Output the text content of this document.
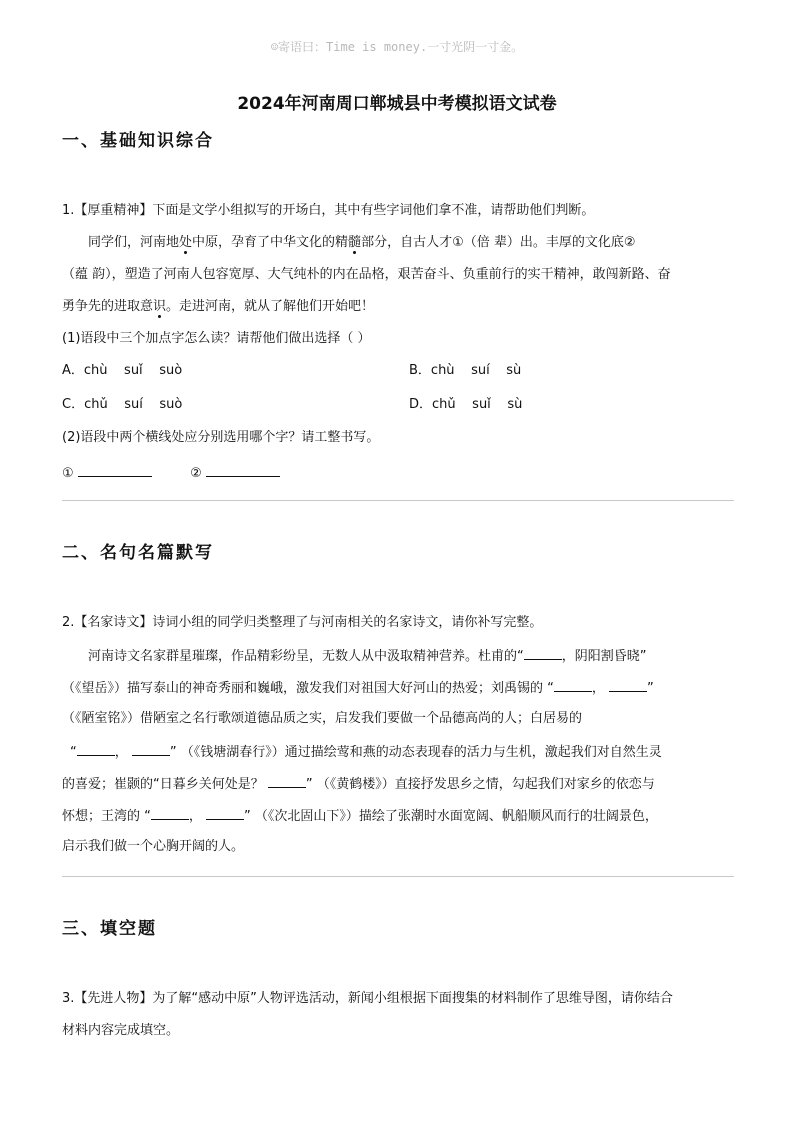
☺寄语曰：Time is money.一寸光阴一寸金。
2024年河南周口郸城县中考模拟语文试卷
一、基础知识综合
1.【厚重精神】下面是文学小组拟写的开场白，其中有些字词他们拿不准，请帮助他们判断。
同学们，河南地处中原，孕育了中华文化的精髓部分，自古人才①（倍 辈）出。丰厚的文化底②
（蕴 韵），塑造了河南人包容宽厚、大气纯朴的内在品格，艰苦奋斗、负重前行的实干精神，敢闯新路、奋
勇争先的进取意识。走进河南，就从了解他们开始吧！
(1)语段中三个加点字怎么读？请帮他们做出选择（ ）
A．chù    suǐ    suò	B．chù    suí    sù
C．chǔ    suí    suò	D．chǔ    suǐ    sù
(2)语段中两个横线处应分别选用哪个字？请工整书写。
①	②
二、名句名篇默写
2.【名家诗文】诗词小组的同学归类整理了与河南相关的名家诗文，请你补写完整。
河南诗文名家群星璀璨，作品精彩纷呈，无数人从中汲取精神营养。杜甫的“	，阴阳割昏晓”
（《望岳》）描写泰山的神奇秀丽和巍峨，激发我们对祖国大好河山的热爱；刘禹锡的 “	，	”
（《陋室铭》）借陋室之名行歌颂道德品质之实，启发我们要做一个品德高尚的人；白居易的
“	，	” （《钱塘湖春行》）通过描绘莺和燕的动态表现春的活力与生机，激起我们对自然生灵
的喜爱；崔颢的“日暮乡关何处是？	” （《黄鹤楼》）直接抒发思乡之情，勾起我们对家乡的依恋与
怀想；王湾的 “	，	” （《次北固山下》）描绘了张潮时水面宽阔、帆船顺风而行的壮阔景色，
启示我们做一个心胸开阔的人。
三、填空题
3.【先进人物】为了解“感动中原”人物评选活动，新闻小组根据下面搜集的材料制作了思维导图，请你结合
材料内容完成填空。
